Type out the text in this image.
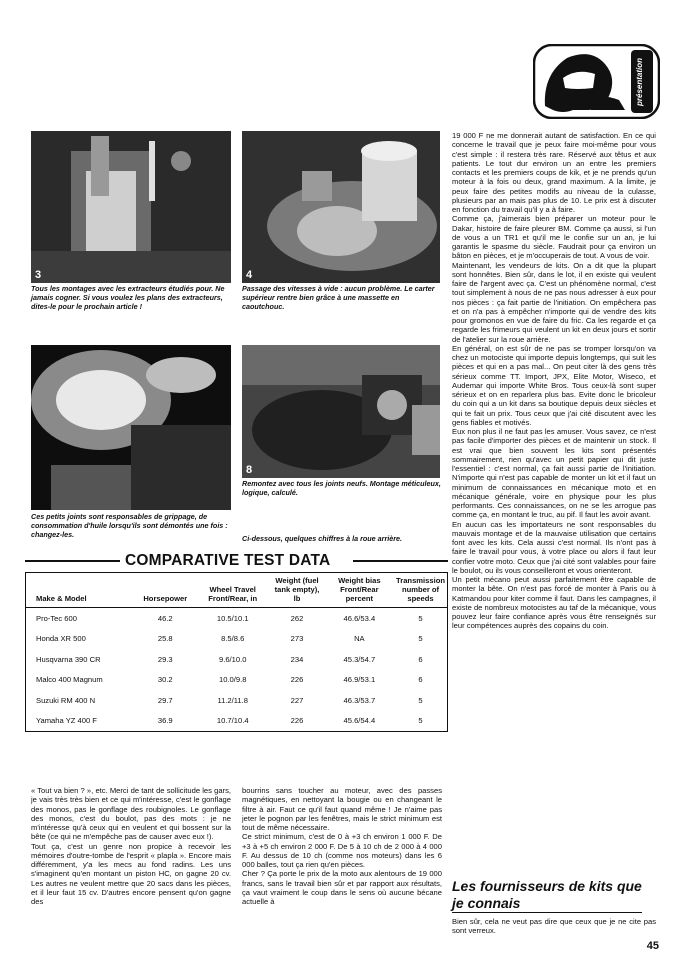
présentation
3
Tous les montages avec les extracteurs étudiés pour. Ne jamais cogner. Si vous voulez les plans des extracteurs, dites-le pour le prochain article !
4
Passage des vitesses à vide : aucun problème. Le carter supérieur rentre bien grâce à une massette en caoutchouc.
Ces petits joints sont responsables de grippage, de consommation d'huile lorsqu'ils sont démontés une fois : changez-les.
8
Remontez avec tous les joints neufs. Montage méticuleux, logique, calculé.
Ci-dessous, quelques chiffres à la roue arrière.
COMPARATIVE TEST DATA
Make & Model	Horsepower	Wheel Travel Front/Rear, in	Weight (fuel tank empty), lb	Weight bias Front/Rear percent	Transmission number of speeds
Pro-Tec 600	46.2	10.5/10.1	262	46.6/53.4	5
Honda XR 500	25.8	8.5/8.6	273	NA	5
Husqvarna 390 CR	29.3	9.6/10.0	234	45.3/54.7	6
Malco 400 Magnum	30.2	10.0/9.8	226	46.9/53.1	6
Suzuki RM 400 N	29.7	11.2/11.8	227	46.3/53.7	5
Yamaha YZ 400 F	36.9	10.7/10.4	226	45.6/54.4	5

« Tout va bien ? », etc. Merci de tant de sollicitude les gars, je vais très très bien et ce qui m'intéresse, c'est le gonflage des monos, pas le gonflage des roubignoles. Le gonflage des monos, c'est du boulot, pas des mots : je ne m'intéresse qu'à ceux qui en veulent et qui bossent sur la bête (ce qui ne m'empêche pas de causer avec eux !).

Tout ça, c'est un genre non propice à recevoir les mémoires d'outre-tombe de l'esprit « plapla ». Encore mais différemment, y'a les mecs au fond radins. Les uns s'imaginent qu'en montant un piston HC, on gagne 20 cv. Les autres ne veulent mettre que 20 sacs dans les pièces, et il leur faut 15 cv. D'autres encore pensent qu'on gagne des

bourrins sans toucher au moteur, avec des passes magnétiques, en nettoyant la bougie ou en changeant le filtre à air. Faut ce qu'il faut quand même ! Je n'aime pas jeter le pognon par les fenêtres, mais le strict minimum est tout de même nécessaire.

Ce strict minimum, c'est de 0 à +3 ch environ 1 000 F. De +3 à +5 ch environ 2 000 F. De 5 à 10 ch de 2 000 à 4 000 F. Au dessus de 10 ch (comme nos moteurs) dans les 6 000 balles, tout ça rien qu'en pièces.

Cher ? Ça porte le prix de la moto aux alentours de 19 000 francs, sans le travail bien sûr et par rapport aux résultats, ça vaut vraiment le coup dans le sens où aucune bécane actuelle à

19 000 F ne me donnerait autant de satisfaction. En ce qui concerne le travail que je peux faire moi-même pour vous c'est simple : il restera très rare. Réservé aux têtus et aux patients. Le tout dur environ un an entre les premiers contacts et les premiers coups de kik, et je ne prends qu'un moteur à la fois ou deux, grand maximum. A la limite, je peux faire des petites modifs au niveau de la culasse, plusieurs par an mais pas plus de 10. Le prix est à discuter en fonction du travail qu'il y a à faire.

Comme ça, j'aimerais bien préparer un moteur pour le Dakar, histoire de faire pleurer BM. Comme ça aussi, si l'un de vous a un TR1 et qu'il me le confie sur un an, je lui garantis le spasme du siècle. Faudrait pour ça environ un bâton en pièces, et je m'occuperais de tout. A vous de voir.

Maintenant, les vendeurs de kits. On a dit que la plupart sont honnêtes. Bien sûr, dans le lot, il en existe qui veulent faire de l'argent avec ça. C'est un phénomène normal, c'est tout simplement à nous de ne pas nous adresser à eux pour nos pièces : ça fait partie de l'initiation. On empêchera pas et on n'a pas à empêcher n'importe qui de vendre des kits pour gromonos en vue de faire du fric. Ca les regarde et ça regarde les frimeurs qui veulent un kit en deux jours et sortir de l'atelier sur la roue arrière.

En général, on est sûr de ne pas se tromper lorsqu'on va chez un motociste qui importe depuis longtemps, qui suit les pièces et qui en a pas mal... On peut citer là des gens très sérieux comme TT. Import, JPX, Elite Motor, Wiseco, et Audemar qui importe White Bros. Tous ceux-là sont super sérieux et on en reparlera plus bas. Evite donc le bricoleur du coin qui a un kit dans sa boutique depuis deux siècles et qui te fait un prix. Tous ceux que j'ai cité discutent avec les gens fiables et motivés.

Eux non plus il ne faut pas les amuser. Vous savez, ce n'est pas facile d'importer des pièces et de maintenir un stock. Il est vrai que bien souvent les kits sont présentés sommairement, rien qu'avec un petit papier qui dit juste l'essentiel : c'est normal, ça fait aussi partie de l'initiation. N'importe qui n'est pas capable de monter un kit et il faut un minimum de connaissances en mécanique moto et en mécanique générale, voire en physique pour les plus performants. Ces connaissances, on ne se les arrogue pas comme ça, en montant le truc, au pif. Il faut les avoir avant.

En aucun cas les importateurs ne sont responsables du mauvais montage et de la mauvaise utilisation que certains font avec les kits. Cela aussi c'est normal. Ils n'ont pas à faire le travail pour vous, à votre place ou alors il faut leur confier votre moto. Ceux que j'ai cité sont valables pour faire le boulot, ou ils vous conseilleront et vous orienteront.

Un petit mécano peut aussi parfaitement être capable de monter la bête. On n'est pas forcé de monter à Paris ou à Katmandou pour kiter comme il faut. Dans les campagnes, il existe de nombreux motocistes au taf de la mécanique, vous pouvez leur faire confiance après vous être renseignés sur leur compétences auprès des copains du coin.

Les fournisseurs de kits que je connais

Bien sûr, cela ne veut pas dire que ceux que je ne cite pas sont verreux.

45
